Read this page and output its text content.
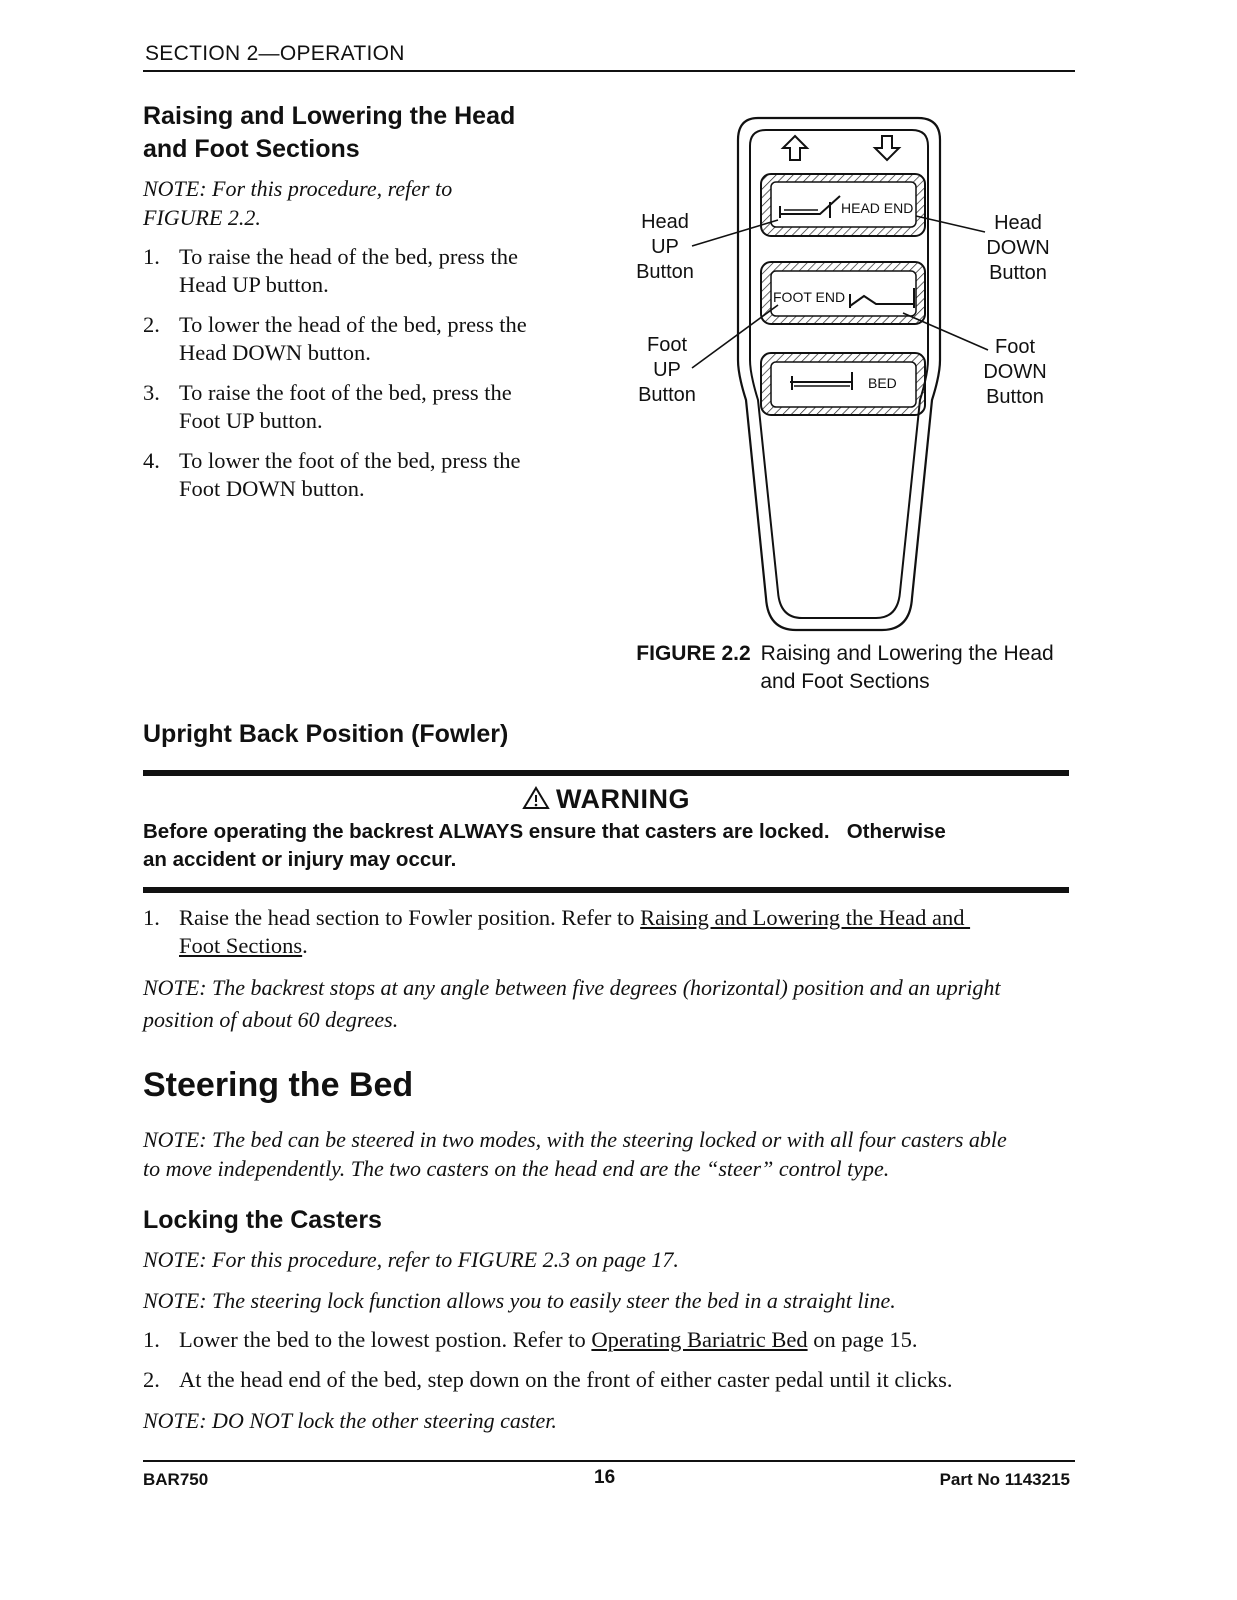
SECTION 2—OPERATION
Raising and Lowering the Head
and Foot Sections
NOTE: For this procedure, refer to
FIGURE 2.2.
1. To raise the head of the bed, press the
Head UP button.
2. To lower the head of the bed, press the
Head DOWN button.
3. To raise the foot of the bed, press the
Foot UP button.
4. To lower the foot of the bed, press the
Foot DOWN button.
HEAD END
FOOT END
BED
Head
UP
Button
Head
DOWN
Button
Foot
UP
Button
Foot
DOWN
Button
FIGURE 2.2 Raising and Lowering the Head
and Foot Sections
Upright Back Position (Fowler)
WARNING
Before operating the backrest ALWAYS ensure that casters are locked.   Otherwise
an accident or injury may occur.
1. Raise the head section to Fowler position. Refer to Raising and Lowering the Head and
Foot Sections.
NOTE: The backrest stops at any angle between five degrees (horizontal) position and an upright
position of about 60 degrees.
Steering the Bed
NOTE: The bed can be steered in two modes, with the steering locked or with all four casters able
to move independently. The two casters on the head end are the “steer” control type.
Locking the Casters
NOTE: For this procedure, refer to FIGURE 2.3 on page 17.
NOTE: The steering lock function allows you to easily steer the bed in a straight line.
1. Lower the bed to the lowest postion. Refer to Operating Bariatric Bed on page 15.
2. At the head end of the bed, step down on the front of either caster pedal until it clicks.
NOTE: DO NOT lock the other steering caster.
BAR750	16	Part No 1143215
